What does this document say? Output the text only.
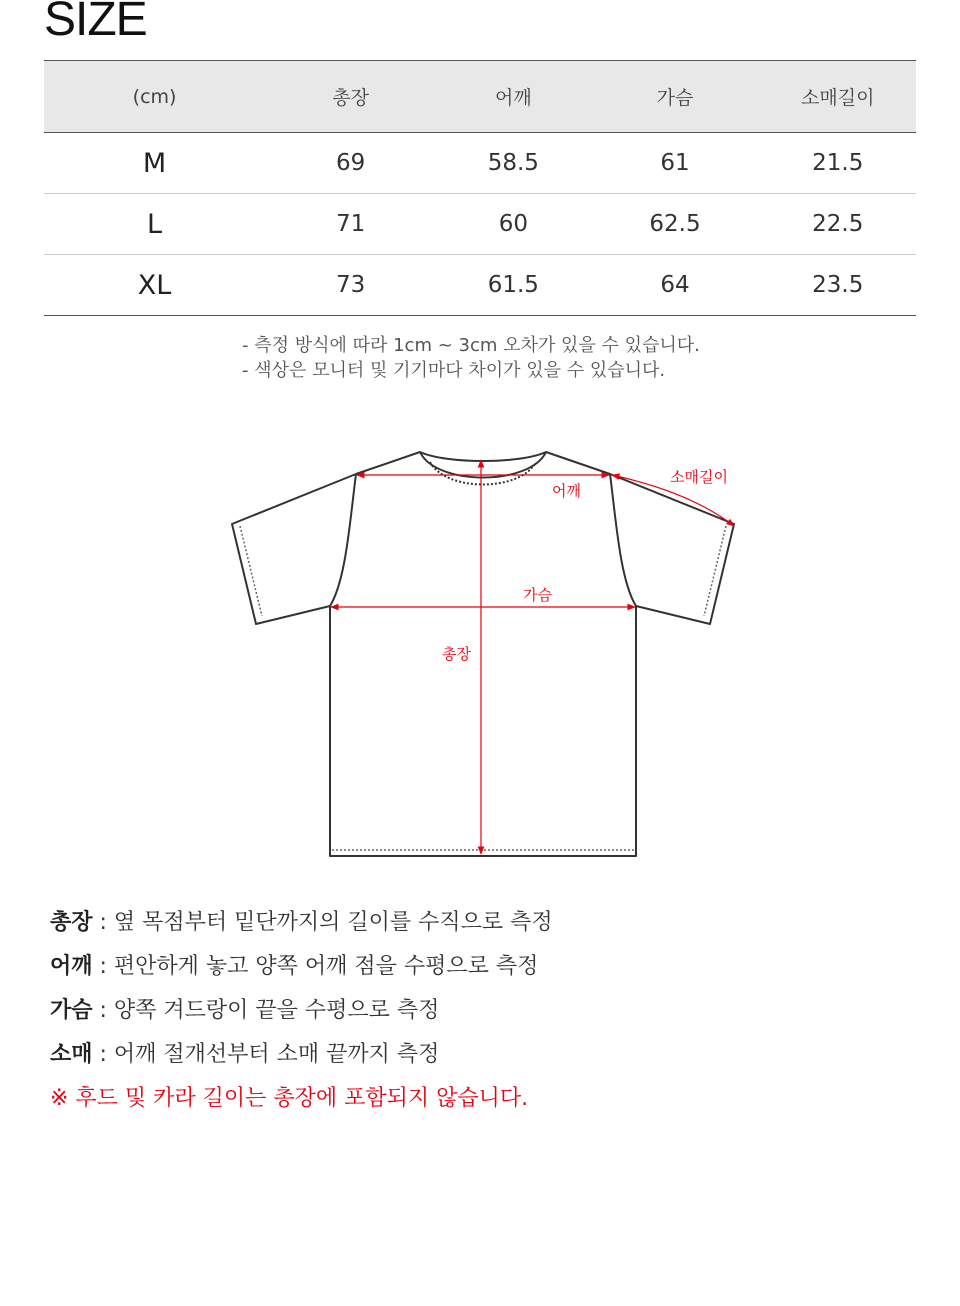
SIZE
(cm)	총장	어깨	가슴	소매길이
M	69	58.5	61	21.5
L	71	60	62.5	22.5
XL	73	61.5	64	23.5
- 측정 방식에 따라 1cm ~ 3cm 오차가 있을 수 있습니다.
- 색상은 모니터 및 기기마다 차이가 있을 수 있습니다.
어깨
소매길이
가슴
총장
총장 : 옆 목점부터 밑단까지의 길이를 수직으로 측정
어깨 : 편안하게 놓고 양쪽 어깨 점을 수평으로 측정
가슴 : 양쪽 겨드랑이 끝을 수평으로 측정
소매 : 어깨 절개선부터 소매 끝까지 측정
※ 후드 및 카라 길이는 총장에 포함되지 않습니다.
